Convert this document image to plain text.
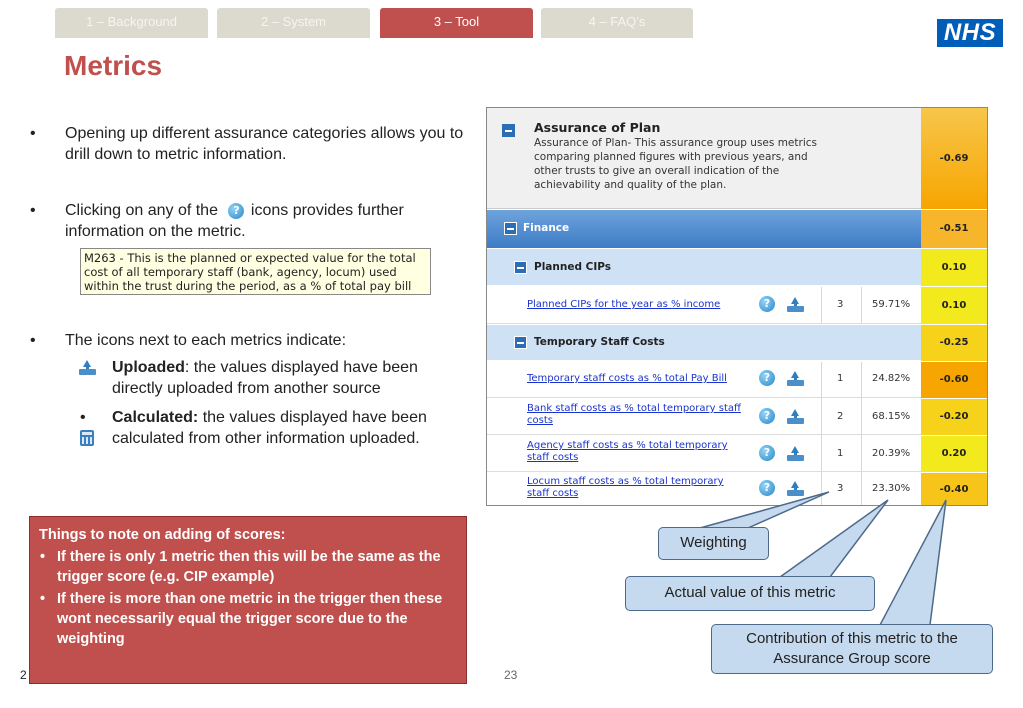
1 – Background	2 – System	3 – Tool	4 – FAQ’s	NHS
Metrics
• Opening up different assurance categories allows you to drill down to metric information.
• Clicking on any of the ? icons provides further information on the metric.
M263 - This is the planned or expected value for the total cost of all temporary staff (bank, agency, locum) used within the trust during the period, as a % of total pay bill
• The icons next to each metrics indicate:
Uploaded: the values displayed have been directly uploaded from another source
• Calculated: the values displayed have been calculated from other information uploaded.
2
Things to note on adding of scores:
• If there is only 1 metric then this will be the same as the trigger score (e.g. CIP example)
• If there is more than one metric in the trigger then these wont necessarily equal the trigger score due to the weighting
23
Assurance of Plan
Assurance of Plan- This assurance group uses metrics comparing planned figures with previous years, and other trusts to give an overall indication of the achievability and quality of the plan.
-0.69
Finance	-0.51
Planned CIPs	0.10
Planned CIPs for the year as % income	?	3	59.71%	0.10
Temporary Staff Costs	-0.25
Temporary staff costs as % total Pay Bill	?	1	24.82%	-0.60
Bank staff costs as % total temporary staff costs	?	2	68.15%	-0.20
Agency staff costs as % total temporary staff costs	?	1	20.39%	0.20
Locum staff costs as % total temporary staff costs	?	3	23.30%	-0.40
Weighting
Actual value of this metric
Contribution of this metric to the Assurance Group score
